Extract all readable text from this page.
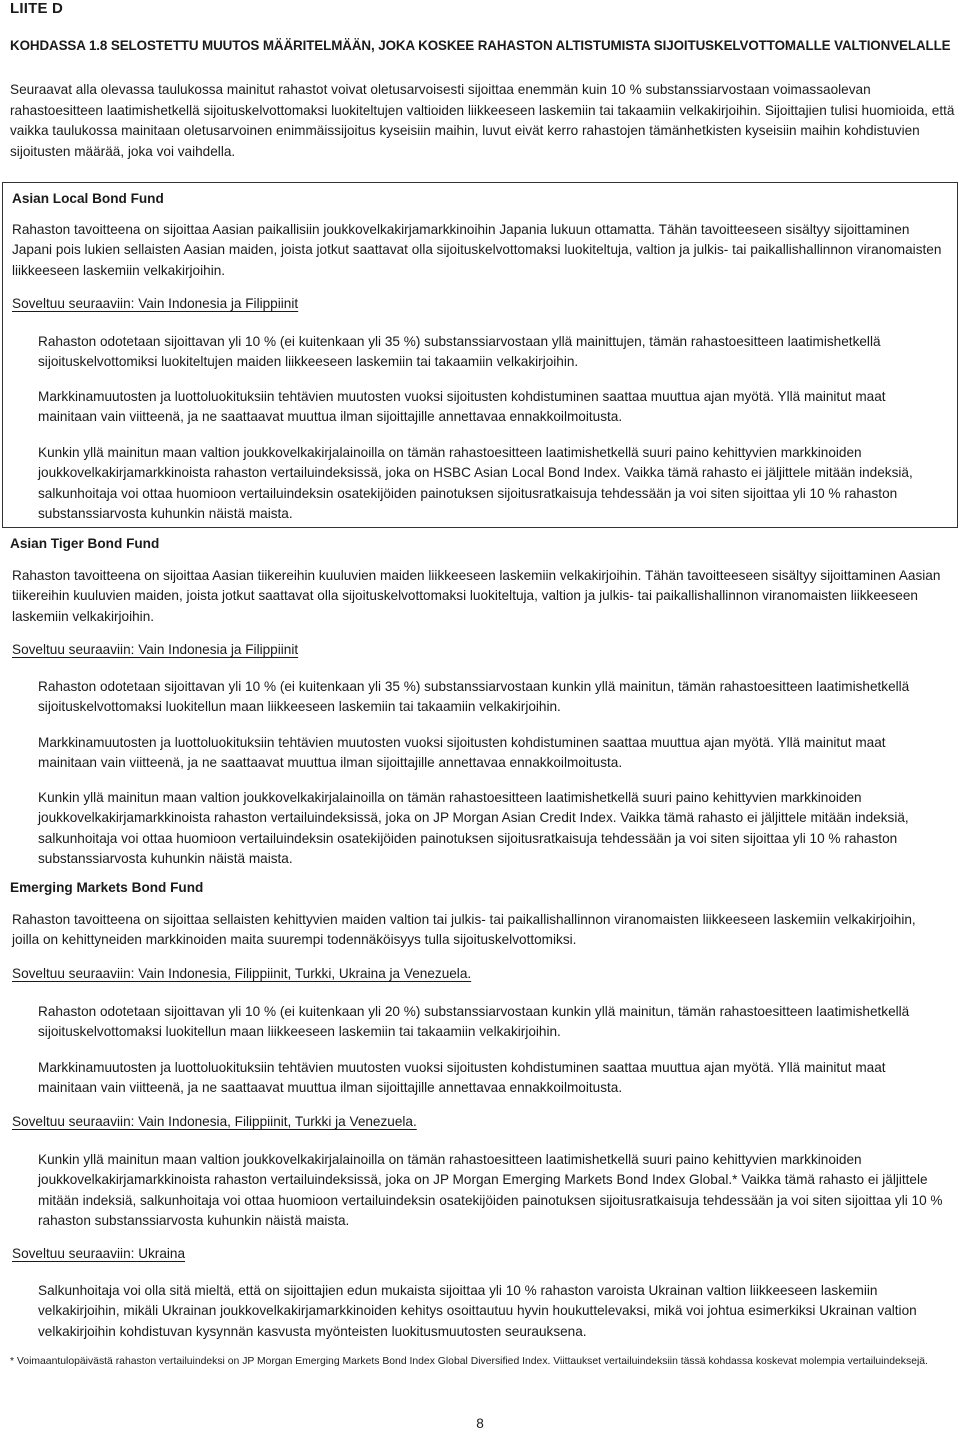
LIITE D
KOHDASSA 1.8 SELOSTETTU MUUTOS MÄÄRITELMÄÄN, JOKA KOSKEE RAHASTON ALTISTUMISTA SIJOITUSKELVOTTOMALLE VALTIONVELALLE
Seuraavat alla olevassa taulukossa mainitut rahastot voivat oletusarvoisesti sijoittaa enemmän kuin 10 % substanssiarvostaan voimassaolevan rahastoesitteen laatimishetkellä sijoituskelvottomaksi luokiteltujen valtioiden liikkeeseen laskemiin tai takaamiin velkakirjoihin. Sijoittajien tulisi huomioida, että vaikka taulukossa mainitaan oletusarvoinen enimmäissijoitus kyseisiin maihin, luvut eivät kerro rahastojen tämänhetkisten kyseisiin maihin kohdistuvien sijoitusten määrää, joka voi vaihdella.
Asian Local Bond Fund
Rahaston tavoitteena on sijoittaa Aasian paikallisiin joukkovelkakirjamarkkinoihin Japania lukuun ottamatta. Tähän tavoitteeseen sisältyy sijoittaminen Japani pois lukien sellaisten Aasian maiden, joista jotkut saattavat olla sijoituskelvottomaksi luokiteltuja, valtion ja julkis- tai paikallishallinnon viranomaisten liikkeeseen laskemiin velkakirjoihin.
Soveltuu seuraaviin: Vain Indonesia ja Filippiinit
Rahaston odotetaan sijoittavan yli 10 % (ei kuitenkaan yli 35 %) substanssiarvostaan yllä mainittujen, tämän rahastoesitteen laatimishetkellä sijoituskelvottomiksi luokiteltujen maiden liikkeeseen laskemiin tai takaamiin velkakirjoihin.
Markkinamuutosten ja luottoluokituksiin tehtävien muutosten vuoksi sijoitusten kohdistuminen saattaa muuttua ajan myötä. Yllä mainitut maat mainitaan vain viitteenä, ja ne saattaavat muuttua ilman sijoittajille annettavaa ennakkoilmoitusta.
Kunkin yllä mainitun maan valtion joukkovelkakirjalainoilla on tämän rahastoesitteen laatimishetkellä suuri paino kehittyvien markkinoiden joukkovelkakirjamarkkinoista rahaston vertailuindeksissä, joka on HSBC Asian Local Bond Index. Vaikka tämä rahasto ei jäljittele mitään indeksiä, salkunhoitaja voi ottaa huomioon vertailuindeksin osatekijöiden painotuksen sijoitusratkaisuja tehdessään ja voi siten sijoittaa yli 10 % rahaston substanssiarvosta kuhunkin näistä maista.
Asian Tiger Bond Fund
Rahaston tavoitteena on sijoittaa Aasian tiikereihin kuuluvien maiden liikkeeseen laskemiin velkakirjoihin. Tähän tavoitteeseen sisältyy sijoittaminen Aasian tiikereihin kuuluvien maiden, joista jotkut saattavat olla sijoituskelvottomaksi luokiteltuja, valtion ja julkis- tai paikallishallinnon viranomaisten liikkeeseen laskemiin velkakirjoihin.
Soveltuu seuraaviin: Vain Indonesia ja Filippiinit
Rahaston odotetaan sijoittavan yli 10 % (ei kuitenkaan yli 35 %) substanssiarvostaan kunkin yllä mainitun, tämän rahastoesitteen laatimishetkellä sijoituskelvottomaksi luokitellun maan liikkeeseen laskemiin tai takaamiin velkakirjoihin.
Markkinamuutosten ja luottoluokituksiin tehtävien muutosten vuoksi sijoitusten kohdistuminen saattaa muuttua ajan myötä. Yllä mainitut maat mainitaan vain viitteenä, ja ne saattaavat muuttua ilman sijoittajille annettavaa ennakkoilmoitusta.
Kunkin yllä mainitun maan valtion joukkovelkakirjalainoilla on tämän rahastoesitteen laatimishetkellä suuri paino kehittyvien markkinoiden joukkovelkakirjamarkkinoista rahaston vertailuindeksissä, joka on JP Morgan Asian Credit Index. Vaikka tämä rahasto ei jäljittele mitään indeksiä, salkunhoitaja voi ottaa huomioon vertailuindeksin osatekijöiden painotuksen sijoitusratkaisuja tehdessään ja voi siten sijoittaa yli 10 % rahaston substanssiarvosta kuhunkin näistä maista.
Emerging Markets Bond Fund
Rahaston tavoitteena on sijoittaa sellaisten kehittyvien maiden valtion tai julkis- tai paikallishallinnon viranomaisten liikkeeseen laskemiin velkakirjoihin, joilla on kehittyneiden markkinoiden maita suurempi todennäköisyys tulla sijoituskelvottomiksi.
Soveltuu seuraaviin: Vain Indonesia, Filippiinit, Turkki, Ukraina ja Venezuela.
Rahaston odotetaan sijoittavan yli 10 % (ei kuitenkaan yli 20 %) substanssiarvostaan kunkin yllä mainitun, tämän rahastoesitteen laatimishetkellä sijoituskelvottomaksi luokitellun maan liikkeeseen laskemiin tai takaamiin velkakirjoihin.
Markkinamuutosten ja luottoluokituksiin tehtävien muutosten vuoksi sijoitusten kohdistuminen saattaa muuttua ajan myötä. Yllä mainitut maat mainitaan vain viitteenä, ja ne saattaavat muuttua ilman sijoittajille annettavaa ennakkoilmoitusta.
Soveltuu seuraaviin: Vain Indonesia, Filippiinit, Turkki ja Venezuela.
Kunkin yllä mainitun maan valtion joukkovelkakirjalainoilla on tämän rahastoesitteen laatimishetkellä suuri paino kehittyvien markkinoiden joukkovelkakirjamarkkinoista rahaston vertailuindeksissä, joka on JP Morgan Emerging Markets Bond Index Global.* Vaikka tämä rahasto ei jäljittele mitään indeksiä, salkunhoitaja voi ottaa huomioon vertailuindeksin osatekijöiden painotuksen sijoitusratkaisuja tehdessään ja voi siten sijoittaa yli 10 % rahaston substanssiarvosta kuhunkin näistä maista.
Soveltuu seuraaviin: Ukraina
Salkunhoitaja voi olla sitä mieltä, että on sijoittajien edun mukaista sijoittaa yli 10 % rahaston varoista Ukrainan valtion liikkeeseen laskemiin velkakirjoihin, mikäli Ukrainan joukkovelkakirjamarkkinoiden kehitys osoittautuu hyvin houkuttelevaksi, mikä voi johtua esimerkiksi Ukrainan valtion velkakirjoihin kohdistuvan kysynnän kasvusta myönteisten luokitusmuutosten seurauksena.
* Voimaantulopäivästä rahaston vertailuindeksi on JP Morgan Emerging Markets Bond Index Global Diversified Index. Viittaukset vertailuindeksiin tässä kohdassa koskevat molempia vertailuindeksejä.
8
